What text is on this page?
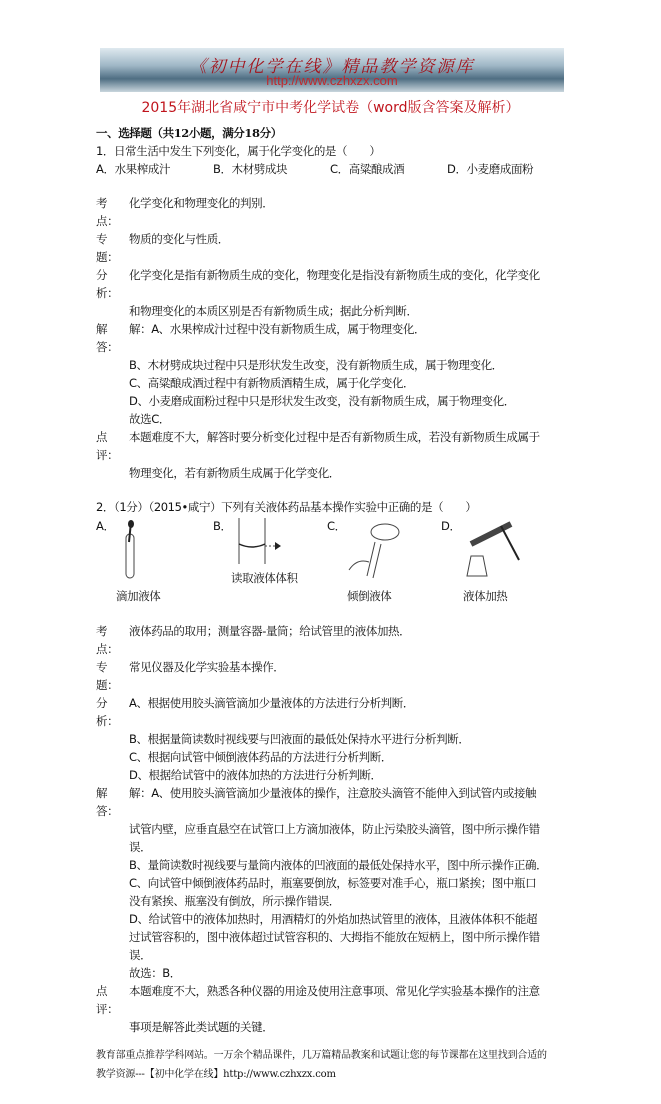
《初中化学在线》精品教学资源库
http://www.czhxzx.com
2015年湖北省咸宁市中考化学试卷（word版含答案及解析）
一、选择题（共12小题，满分18分）
1．日常生活中发生下列变化，属于化学变化的是（　　）
A．水果榨成汁	B．木材劈成块	C．高粱酿成酒	D．小麦磨成面粉
考点：
化学变化和物理变化的判别．
专题：
物质的变化与性质．
分析：
化学变化是指有新物质生成的变化，物理变化是指没有新物质生成的变化，化学变化
和物理变化的本质区别是否有新物质生成；据此分析判断．
解答：
解：A、水果榨成汁过程中没有新物质生成，属于物理变化．
B、木材劈成块过程中只是形状发生改变，没有新物质生成，属于物理变化．
C、高粱酿成酒过程中有新物质酒精生成，属于化学变化．
D、小麦磨成面粉过程中只是形状发生改变，没有新物质生成，属于物理变化．
故选C．
点评：
本题难度不大，解答时要分析变化过程中是否有新物质生成，若没有新物质生成属于
物理变化，若有新物质生成属于化学变化．
2．（1分）（2015•咸宁）下列有关液体药品基本操作实验中正确的是（　　）
A．
滴加液体
B．
读取液体体积
C．
倾倒液体
D．
液体加热
考点：
液体药品的取用；测量容器-量筒；给试管里的液体加热．
专题：
常见仪器及化学实验基本操作．
分析：
A、根据使用胶头滴管滴加少量液体的方法进行分析判断．
B、根据量筒读数时视线要与凹液面的最低处保持水平进行分析判断．
C、根据向试管中倾倒液体药品的方法进行分析判断．
D、根据给试管中的液体加热的方法进行分析判断．
解答：
解：A、使用胶头滴管滴加少量液体的操作，注意胶头滴管不能伸入到试管内或接触
试管内壁，应垂直悬空在试管口上方滴加液体，防止污染胶头滴管，图中所示操作错
误．
B、量筒读数时视线要与量筒内液体的凹液面的最低处保持水平，图中所示操作正确．
C、向试管中倾倒液体药品时，瓶塞要倒放，标签要对准手心，瓶口紧挨；图中瓶口
没有紧挨、瓶塞没有倒放，所示操作错误．
D、给试管中的液体加热时，用酒精灯的外焰加热试管里的液体，且液体体积不能超
过试管容积的，图中液体超过试管容积的、大拇指不能放在短柄上，图中所示操作错
误．
故选：B．
点评：
本题难度不大，熟悉各种仪器的用途及使用注意事项、常见化学实验基本操作的注意
事项是解答此类试题的关键．
教育部重点推荐学科网站。一万余个精品课件，几万篇精品教案和试题让您的每节课都在这里找到合适的
教学资源---【初中化学在线】http://www.czhxzx.com
